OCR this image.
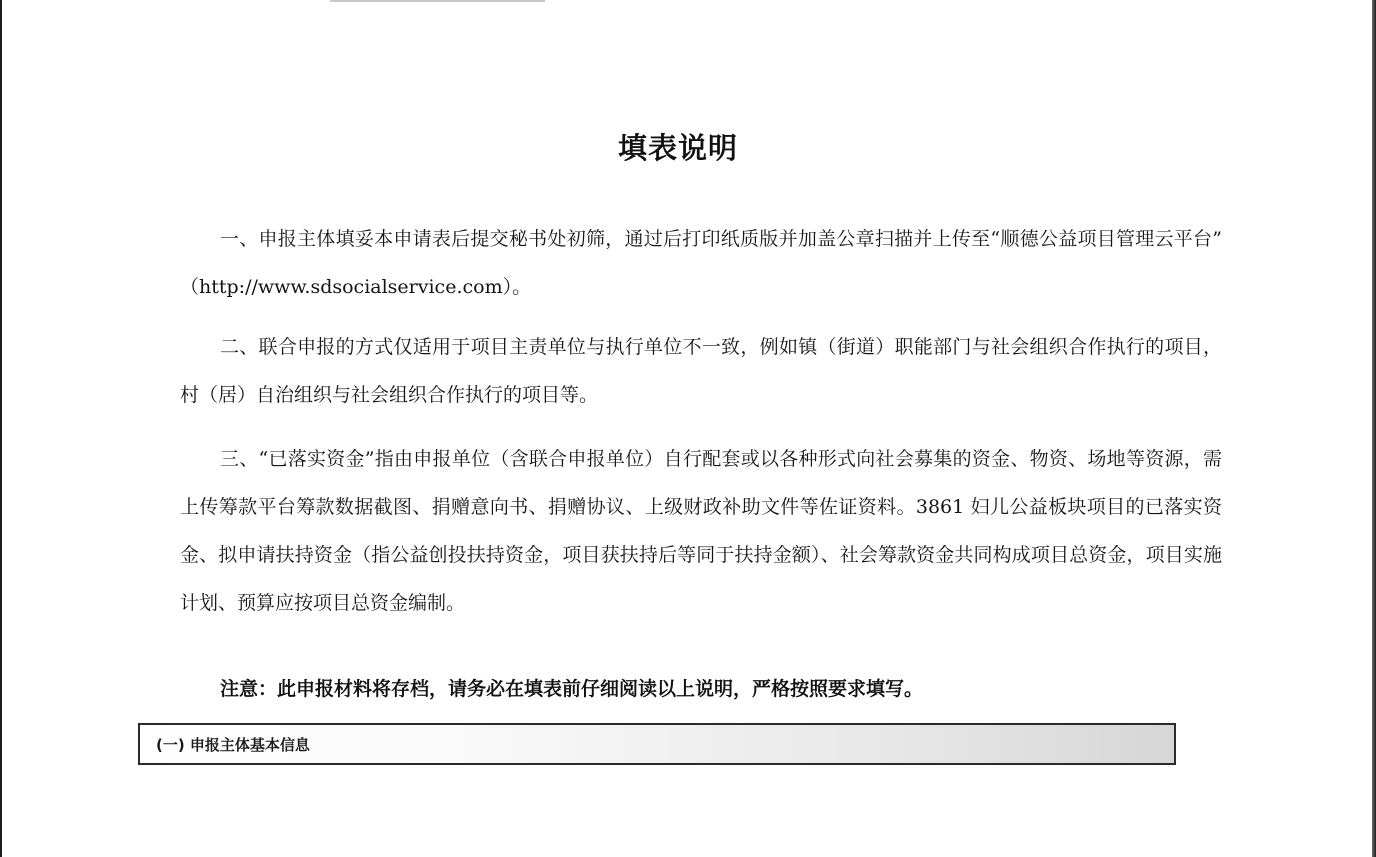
填表说明

一、申报主体填妥本申请表后提交秘书处初筛，通过后打印纸质版并加盖公章扫描并上传至“顺德公益项目管理云平台” （http://www.sdsocialservice.com）。

二、联合申报的方式仅适用于项目主责单位与执行单位不一致，例如镇（街道）职能部门与社会组织合作执行的项目，村（居）自治组织与社会组织合作执行的项目等。

三、“已落实资金”指由申报单位（含联合申报单位）自行配套或以各种形式向社会募集的资金、物资、场地等资源，需上传筹款平台筹款数据截图、捐赠意向书、捐赠协议、上级财政补助文件等佐证资料。3861 妇儿公益板块项目的已落实资金、拟申请扶持资金（指公益创投扶持资金，项目获扶持后等同于扶持金额）、社会筹款资金共同构成项目总资金，项目实施计划、预算应按项目总资金编制。

注意：此申报材料将存档，请务必在填表前仔细阅读以上说明，严格按照要求填写。
(一) 申报主体基本信息
